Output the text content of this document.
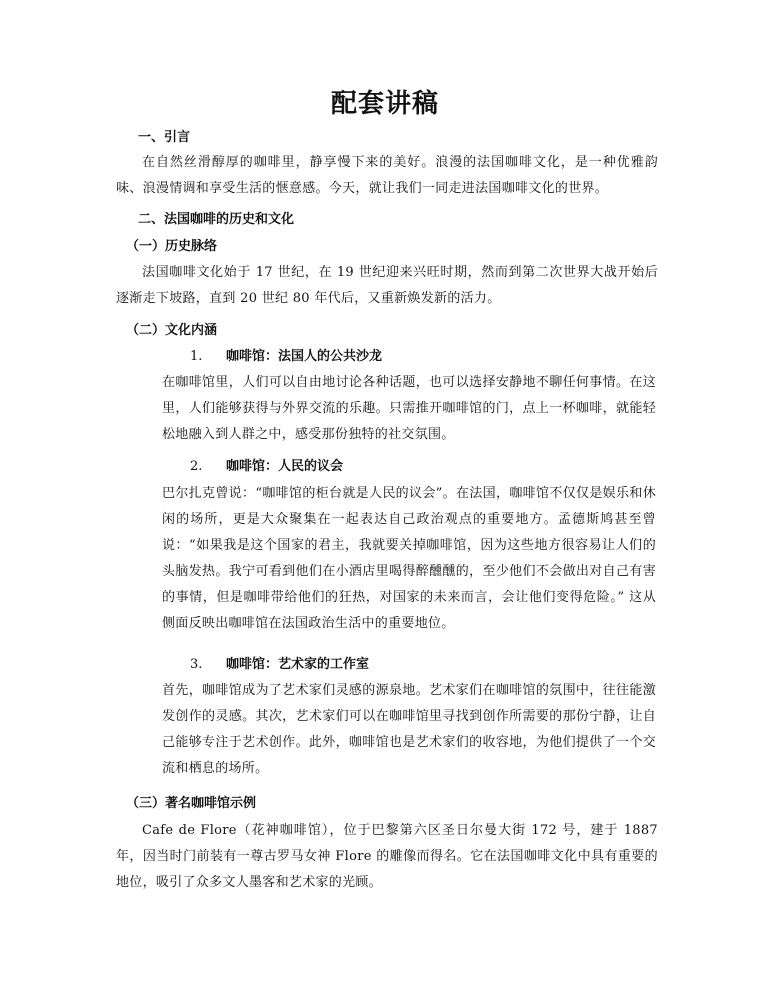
配套讲稿
一、引言

在自然丝滑醇厚的咖啡里，静享慢下来的美好。浪漫的法国咖啡文化，是一种优雅韵味、浪漫情调和享受生活的惬意感。今天，就让我们一同走进法国咖啡文化的世界。

二、法国咖啡的历史和文化
（一）历史脉络

法国咖啡文化始于 17 世纪，在 19 世纪迎来兴旺时期，然而到第二次世界大战开始后逐渐走下坡路，直到 20 世纪 80 年代后，又重新焕发新的活力。

（二）文化内涵
1. 咖啡馆：法国人的公共沙龙

在咖啡馆里，人们可以自由地讨论各种话题，也可以选择安静地不聊任何事情。在这里，人们能够获得与外界交流的乐趣。只需推开咖啡馆的门，点上一杯咖啡，就能轻松地融入到人群之中，感受那份独特的社交氛围。

2. 咖啡馆：人民的议会

巴尔扎克曾说：“咖啡馆的柜台就是人民的议会”。在法国，咖啡馆不仅仅是娱乐和休闲的场所，更是大众聚集在一起表达自己政治观点的重要地方。孟德斯鸠甚至曾说：“如果我是这个国家的君主，我就要关掉咖啡馆，因为这些地方很容易让人们的头脑发热。我宁可看到他们在小酒店里喝得醉醺醺的，至少他们不会做出对自己有害的事情，但是咖啡带给他们的狂热，对国家的未来而言，会让他们变得危险。” 这从侧面反映出咖啡馆在法国政治生活中的重要地位。

3. 咖啡馆：艺术家的工作室

首先，咖啡馆成为了艺术家们灵感的源泉地。艺术家们在咖啡馆的氛围中，往往能激发创作的灵感。其次，艺术家们可以在咖啡馆里寻找到创作所需要的那份宁静，让自己能够专注于艺术创作。此外，咖啡馆也是艺术家们的收容地，为他们提供了一个交流和栖息的场所。

（三）著名咖啡馆示例

Cafe de Flore（花神咖啡馆），位于巴黎第六区圣日尔曼大街 172 号，建于 1887 年，因当时门前装有一尊古罗马女神 Flore 的雕像而得名。它在法国咖啡文化中具有重要的地位，吸引了众多文人墨客和艺术家的光顾。
